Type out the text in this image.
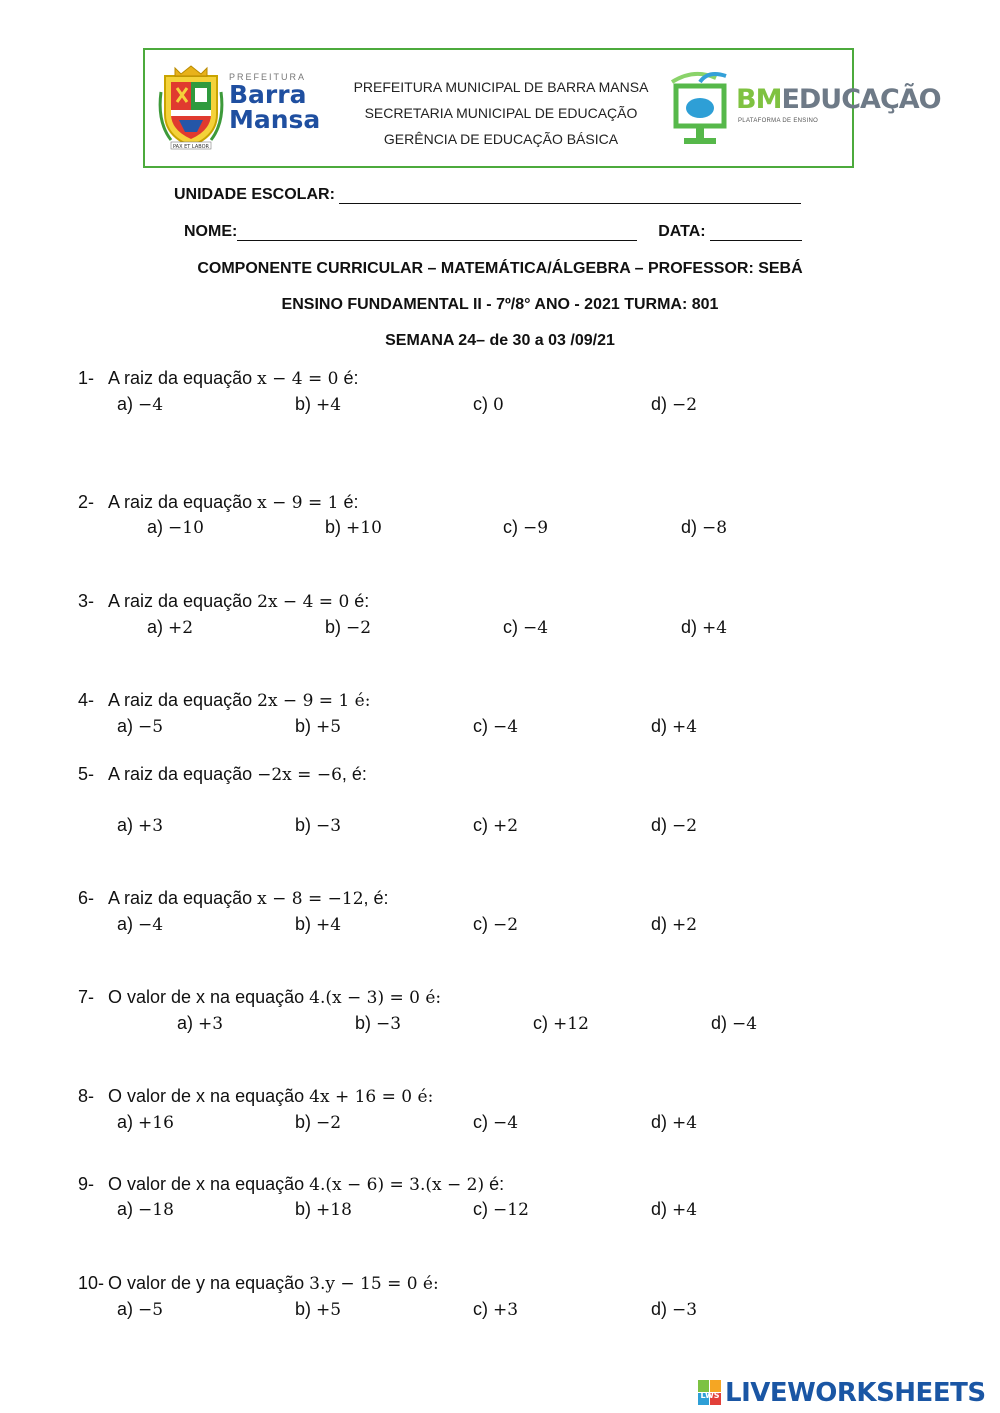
PAX ET LABOR
PREFEITURA
Barra
Mansa
PREFEITURA MUNICIPAL DE BARRA MANSA
SECRETARIA MUNICIPAL DE EDUCAÇÃO
GERÊNCIA DE EDUCAÇÃO BÁSICA
BMEDUCAÇÃO
PLATAFORMA DE ENSINO
UNIDADE ESCOLAR:
NOME:	DATA:
COMPONENTE CURRICULAR – MATEMÁTICA/ÁLGEBRA – PROFESSOR: SEBÁ
ENSINO FUNDAMENTAL II - 7º/8° ANO - 2021 TURMA: 801
SEMANA 24– de 30 a 03 /09/21
1- A raiz da equação x − 4 = 0 é:
a) −4	b) +4	c) 0	d) −2
2- A raiz da equação x − 9 = 1 é:
a) −10	b) +10	c) −9	d) −8
3- A raiz da equação 2x − 4 = 0 é:
a) +2	b) −2	c) −4	d) +4
4- A raiz da equação 2x − 9 = 1 é:
a) −5	b) +5	c) −4	d) +4
5- A raiz da equação −2x = −6, é:
a) +3	b) −3	c) +2	d) −2
6- A raiz da equação x − 8 = −12, é:
a) −4	b) +4	c) −2	d) +2
7- O valor de x na equação 4.(x − 3) = 0 é:
a) +3	b) −3	c) +12	d) −4
8- O valor de x na equação 4x + 16 = 0 é:
a) +16	b) −2	c) −4	d) +4
9- O valor de x na equação 4.(x − 6) = 3.(x − 2) é:
a) −18	b) +18	c) −12	d) +4
10- O valor de y na equação 3.y − 15 = 0 é:
a) −5	b) +5	c) +3	d) −3
LWS LIVEWORKSHEETS
